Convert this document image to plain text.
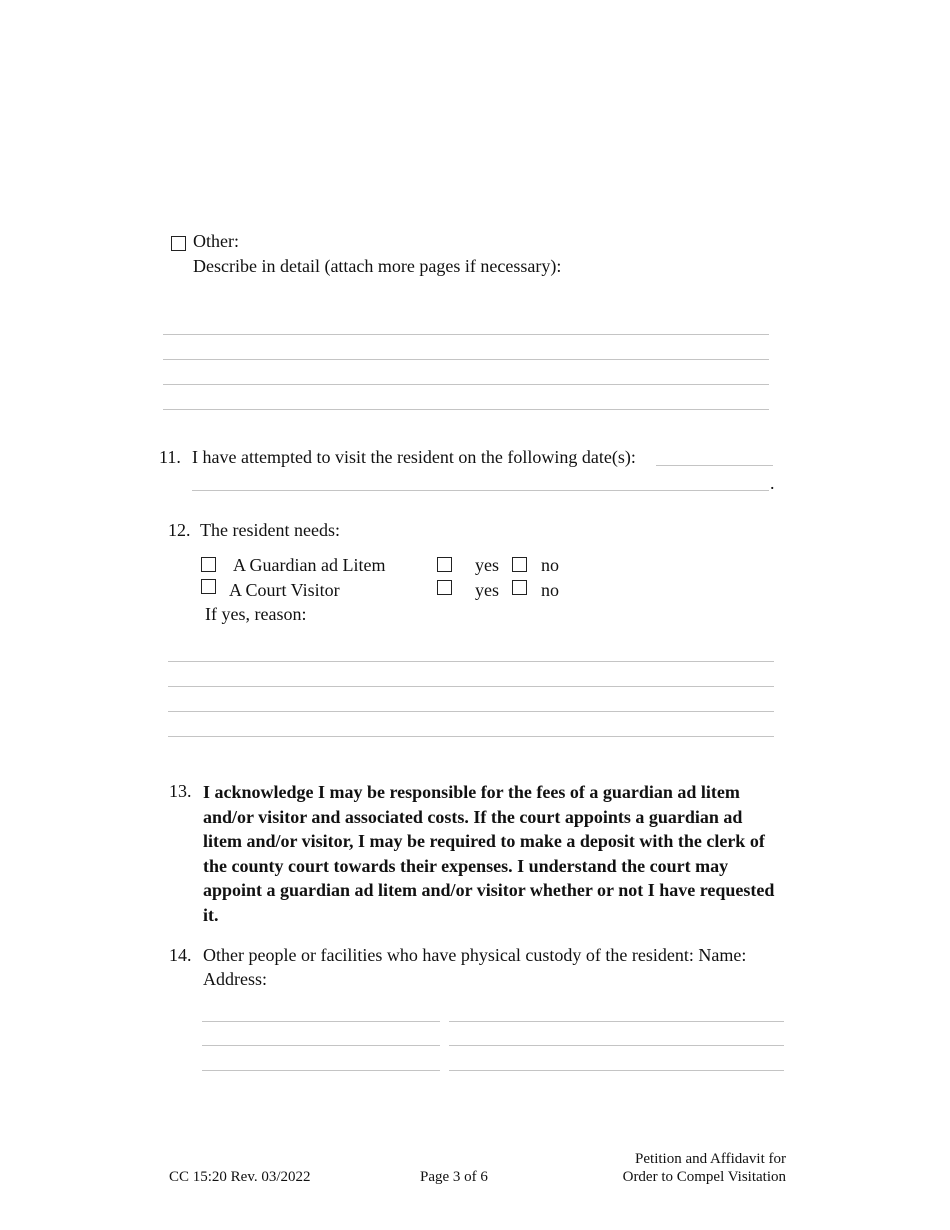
Other:
Describe in detail (attach more pages if necessary):
11. I have attempted to visit the resident on the following date(s):
.
12. The resident needs:
A Guardian ad Litem	yes no
A Court Visitor	yes no
If yes, reason:
13. I acknowledge I may be responsible for the fees of a guardian ad litem and/or visitor and associated costs. If the court appoints a guardian ad litem and/or visitor, I may be required to make a deposit with the clerk of the county court towards their expenses. I understand the court may appoint a guardian ad litem and/or visitor whether or not I have requested it.
14. Other people or facilities who have physical custody of the resident: Name:
Address:
CC 15:20 Rev. 03/2022	Page 3 of 6
Petition and Affidavit for
Order to Compel Visitation
